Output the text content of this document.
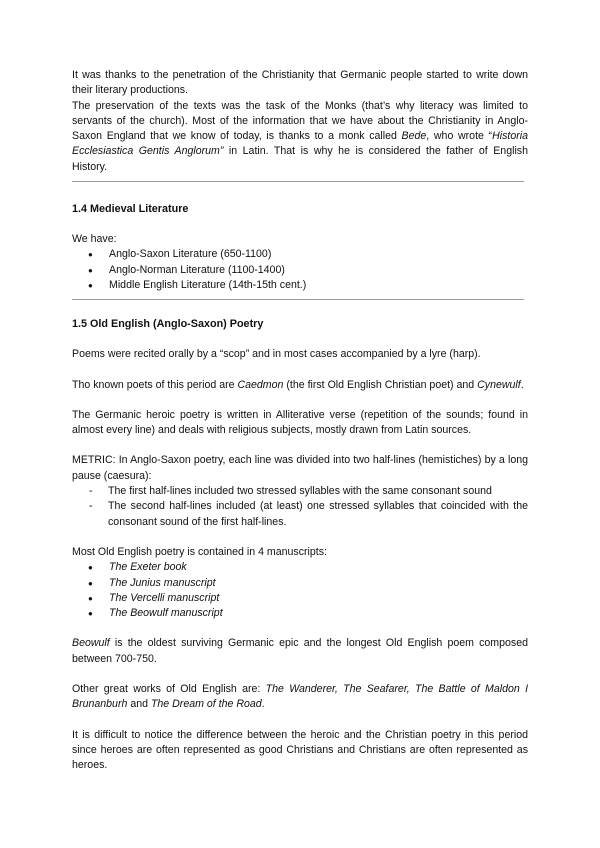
It was thanks to the penetration of the Christianity that Germanic people started to write down their literary productions.

The preservation of the texts was the task of the Monks (that’s why literacy was limited to servants of the church). Most of the information that we have about the Christianity in Anglo-Saxon England that we know of today, is thanks to a monk called Bede, who wrote “Historia Ecclesiastica Gentis Anglorum” in Latin. That is why he is considered the father of English History.

1.4 Medieval Literature

We have:

● Anglo-Saxon Literature (650-1100)
● Anglo-Norman Literature (1100-1400)
● Middle English Literature (14th-15th cent.)
1.5 Old English (Anglo-Saxon) Poetry

Poems were recited orally by a “scop” and in most cases accompanied by a lyre (harp).

Tho known poets of this period are Caedmon (the first Old English Christian poet) and Cynewulf.

The Germanic heroic poetry is written in Alliterative verse (repetition of the sounds; found in almost every line) and deals with religious subjects, mostly drawn from Latin sources.

METRIC: In Anglo-Saxon poetry, each line was divided into two half-lines (hemistiches) by a long pause (caesura):

- The first half-lines included two stressed syllables with the same consonant sound
- The second half-lines included (at least) one stressed syllables that coincided with the consonant sound of the first half-lines.

Most Old English poetry is contained in 4 manuscripts:

● The Exeter book
● The Junius manuscript
● The Vercelli manuscript
● The Beowulf manuscript

Beowulf is the oldest surviving Germanic epic and the longest Old English poem composed between 700-750.

Other great works of Old English are: The Wanderer, The Seafarer, The Battle of Maldon I Brunanburh and The Dream of the Road.

It is difficult to notice the difference between the heroic and the Christian poetry in this period since heroes are often represented as good Christians and Christians are often represented as heroes.
